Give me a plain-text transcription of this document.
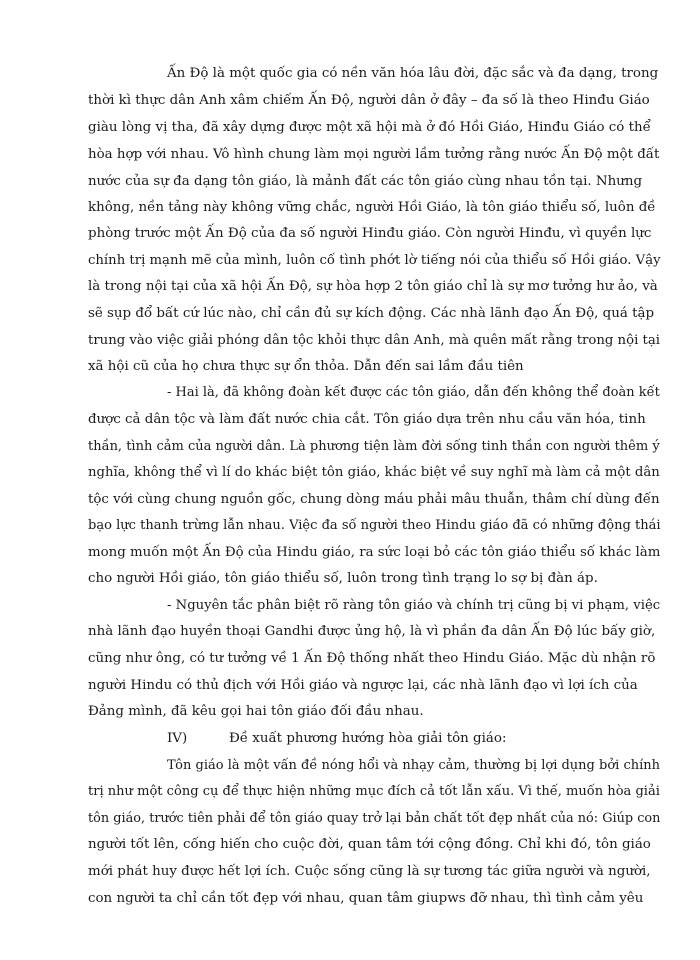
Ấn Độ là một quốc gia có nền văn hóa lâu đời, đặc sắc và đa dạng, trong

thời kì thực dân Anh xâm chiếm Ấn Độ, người dân ở đây – đa số là theo Hinđu Giáo

giàu lòng vị tha, đã xây dựng được một xã hội mà ở đó Hồi Giáo, Hinđu Giáo có thể

hòa hợp với nhau. Vô hình chung làm mọi người lầm tưởng rằng nước Ấn Độ một đất

nước của sự đa dạng tôn giáo, là mảnh đất các tôn giáo cùng nhau tồn tại. Nhưng

không, nền tảng này không vững chắc, người Hồi Giáo, là tôn giáo thiểu số, luôn đề

phòng trước một Ấn Độ của đa số người Hinđu giáo. Còn người Hinđu, vì quyền lực

chính trị mạnh mẽ của mình, luôn cố tình phớt lờ tiếng nói của thiểu số Hồi giáo. Vậy

là trong nội tại của xã hội Ấn Độ, sự hòa hợp 2 tôn giáo chỉ là sự mơ tưởng hư ảo, và

sẽ sụp đổ bất cứ lúc nào, chỉ cần đủ sự kích động. Các nhà lãnh đạo Ấn Độ, quá tập

trung vào việc giải phóng dân tộc khỏi thực dân Anh, mà quên mất rằng trong nội tại

xã hội cũ của họ chưa thực sự ổn thỏa. Dẫn đến sai lầm đầu tiên

- Hai là, đã không đoàn kết được các tôn giáo, dẫn đến không thể đoàn kết

được cả dân tộc và làm đất nước chia cắt. Tôn giáo dựa trên nhu cầu văn hóa, tinh

thần, tình cảm của người dân. Là phương tiện làm đời sống tinh thần con người thêm ý

nghĩa, không thể vì lí do khác biệt tôn giáo, khác biệt về suy nghĩ mà làm cả một dân

tộc với cùng chung nguồn gốc, chung dòng máu phải mâu thuẫn, thâm chí dùng đến

bạo lực thanh trừng lẫn nhau. Việc đa số người theo Hindu giáo đã có những động thái

mong muốn một Ấn Độ của Hindu giáo, ra sức loại bỏ các tôn giáo thiểu số khác làm

cho người Hồi giáo, tôn giáo thiểu số, luôn trong tình trạng lo sợ bị đàn áp.

- Nguyên tắc phân biệt rõ ràng tôn giáo và chính trị cũng bị vi phạm, việc

nhà lãnh đạo huyền thoại Gandhi được ủng hộ, là vì phần đa dân Ấn Độ lúc bấy giờ,

cũng như ông, có tư tưởng về 1 Ấn Độ thống nhất theo Hindu Giáo. Mặc dù nhận rõ

người Hindu có thủ địch với Hồi giáo và ngược lại, các nhà lãnh đạo vì lợi ích của

Đảng mình, đã kêu gọi hai tôn giáo đối đầu nhau.

IV)	Đề xuất phương hướng hòa giải tôn giáo:

Tôn giáo là một vấn đề nóng hổi và nhạy cảm, thường bị lợi dụng bởi chính

trị như một công cụ để thực hiện những mục đích cả tốt lẫn xấu. Vì thế, muốn hòa giải

tôn giáo, trước tiên phải để tôn giáo quay trở lại bản chất tốt đẹp nhất của nó: Giúp con

người tốt lên, cống hiến cho cuộc đời, quan tâm tới cộng đồng. Chỉ khi đó, tôn giáo

mới phát huy được hết lợi ích. Cuộc sống cũng là sự tương tác giữa người và người,

con người ta chỉ cần tốt đẹp với nhau, quan tâm giupws đỡ nhau, thì tình cảm yêu
